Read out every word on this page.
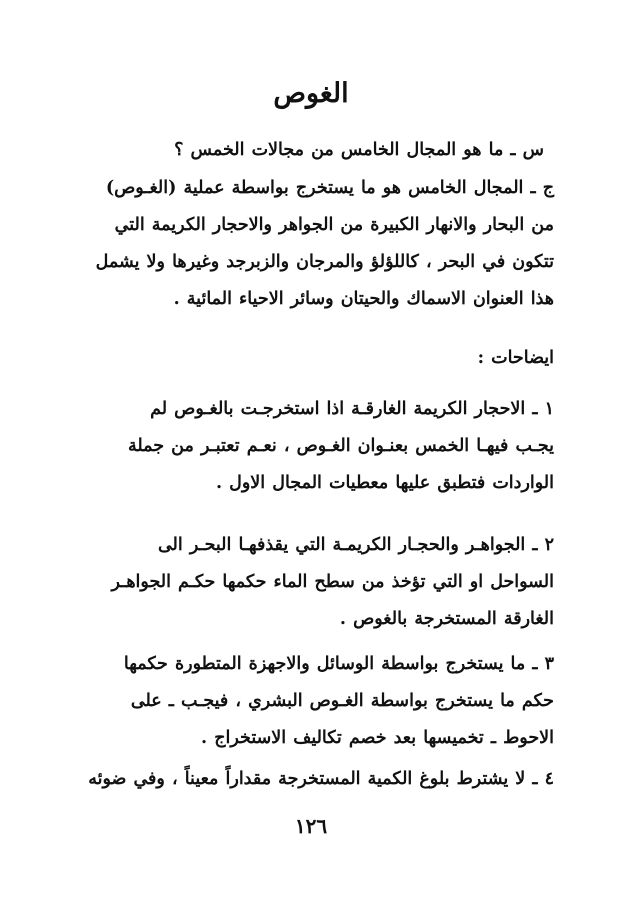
الغوص
س ـ ما هو المجال الخامس من مجالات الخمس ؟
ج ـ المجال الخامس هو ما يستخرج بواسطة عملية (الغـوص)
من البحار والانهار الكبيرة من الجواهر والاحجار الكريمة التي
تتكون في البحر ، كاللؤلؤ والمرجان والزبرجد وغيرها ولا يشمل
هذا العنوان الاسماك والحيتان وسائر الاحياء المائية .
ايضاحات :
١ ـ الاحجار الكريمة الغارقـة اذا استخرجـت بالغـوص لم
يجـب فيهـا الخمس بعنـوان الغـوص ، نعـم تعتبـر من جملة
الواردات فتطبق عليها معطيات المجال الاول .
٢ ـ الجواهـر والحجـار الكريمـة التي يقذفهـا البحـر الى
السواحل او التي تؤخذ من سطح الماء حكمها حكـم الجواهـر
الغارقة المستخرجة بالغوص .
٣ ـ ما يستخرج بواسطة الوسائل والاجهزة المتطورة حكمها
حكم ما يستخرج بواسطة الغـوص البشري ، فيجـب ـ على
الاحوط ـ تخميسها بعد خصم تكاليف الاستخراج .
٤ ـ لا يشترط بلوغ الكمية المستخرجة مقداراً معيناً ، وفي ضوئه
١٢٦
